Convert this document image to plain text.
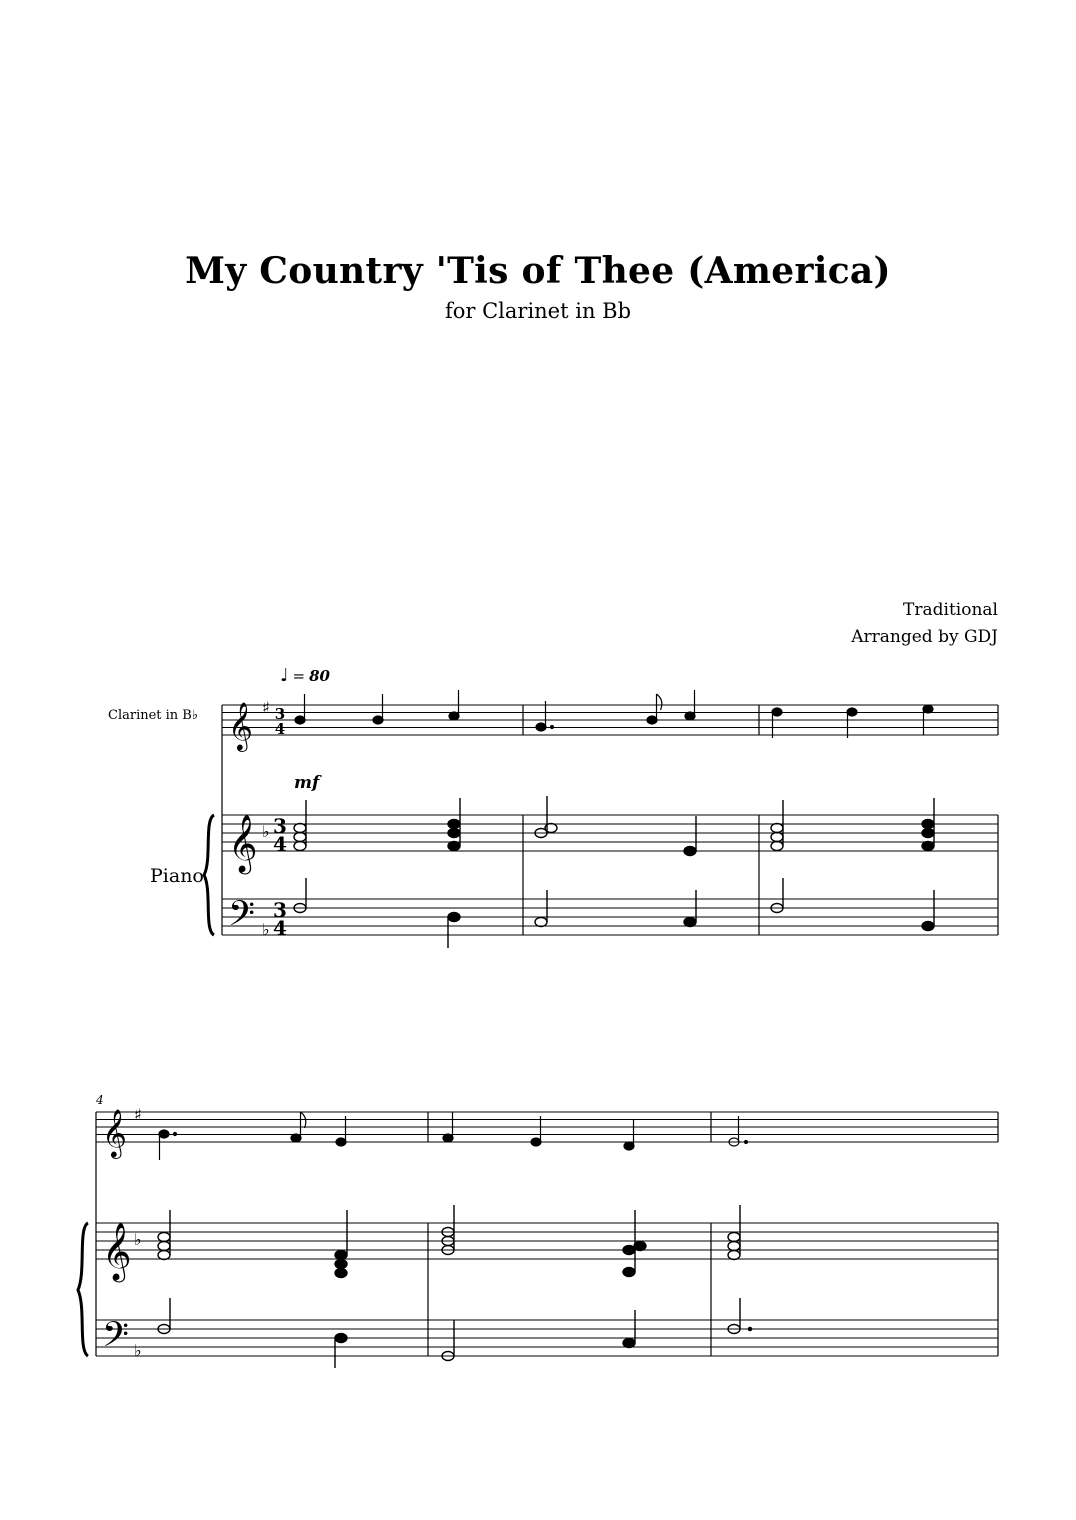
My Country 'Tis of Thee (America)
for Clarinet in Bb
Traditional
Arranged by GDJ
♩ = 80
Clarinet in B♭
Piano
mf
4
𝄞
𝄞
𝄢
𝄞
𝄞
𝄢
♯
♭
♭
♯
♭
♭
3
4
3
4
3
4
